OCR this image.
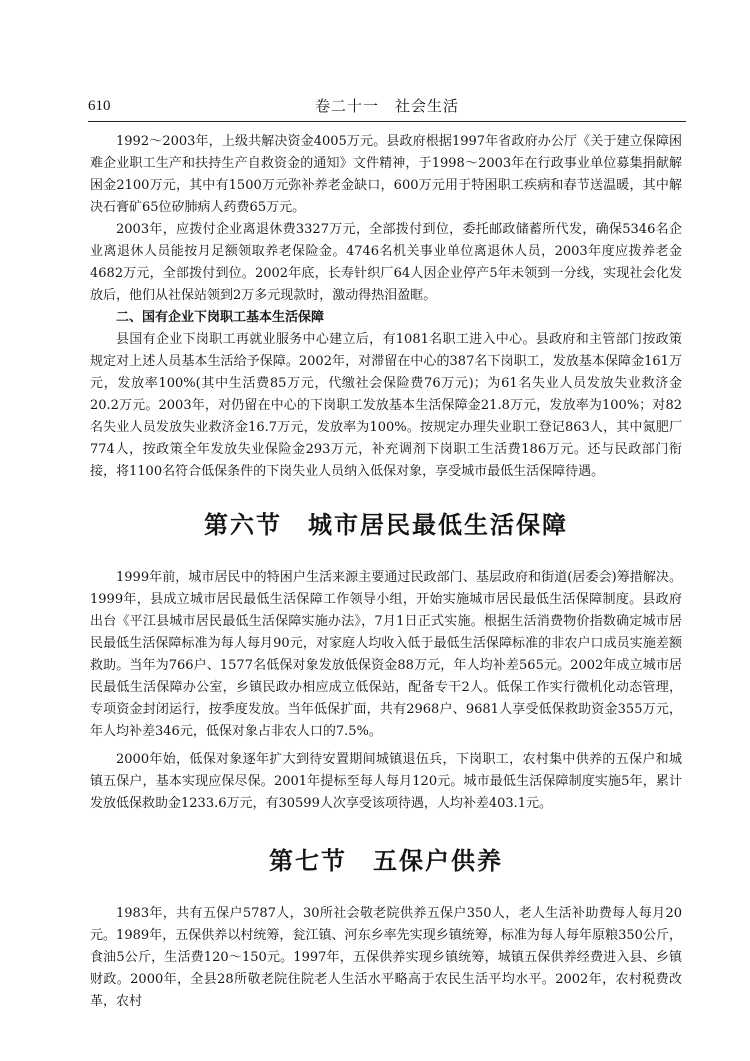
610	卷二十一　社会生活

1992～2003年，上级共解决资金4005万元。县政府根据1997年省政府办公厅《关于建立保障困难企业职工生产和扶持生产自救资金的通知》文件精神，于1998～2003年在行政事业单位募集捐献解困金2100万元，其中有1500万元弥补养老金缺口，600万元用于特困职工疾病和春节送温暖，其中解决石膏矿65位矽肺病人药费65万元。

2003年，应拨付企业离退休费3327万元，全部拨付到位，委托邮政储蓄所代发，确保5346名企业离退休人员能按月足额领取养老保险金。4746名机关事业单位离退休人员，2003年度应拨养老金4682万元，全部拨付到位。2002年底，长寿针织厂64人因企业停产5年未领到一分线，实现社会化发放后，他们从社保站领到2万多元现款时，激动得热泪盈眶。

二、国有企业下岗职工基本生活保障

县国有企业下岗职工再就业服务中心建立后，有1081名职工进入中心。县政府和主管部门按政策规定对上述人员基本生活给予保障。2002年，对滞留在中心的387名下岗职工，发放基本保障金161万元，发放率100%(其中生活费85万元，代缴社会保险费76万元)；为61名失业人员发放失业救济金20.2万元。2003年，对仍留在中心的下岗职工发放基本生活保障金21.8万元，发放率为100%；对82名失业人员发放失业救济金16.7万元，发放率为100%。按规定办理失业职工登记863人，其中氮肥厂774人，按政策全年发放失业保险金293万元，补充调剂下岗职工生活费186万元。还与民政部门衔接，将1100名符合低保条件的下岗失业人员纳入低保对象，享受城市最低生活保障待遇。

第六节　城市居民最低生活保障

1999年前，城市居民中的特困户生活来源主要通过民政部门、基层政府和街道(居委会)筹措解决。1999年，县成立城市居民最低生活保障工作领导小组，开始实施城市居民最低生活保障制度。县政府出台《平江县城市居民最低生活保障实施办法》，7月1日正式实施。根据生活消费物价指数确定城市居民最低生活保障标准为每人每月90元，对家庭人均收入低于最低生活保障标准的非农户口成员实施差额救助。当年为766户、1577名低保对象发放低保资金88万元，年人均补差565元。2002年成立城市居民最低生活保障办公室，乡镇民政办相应成立低保站，配备专干2人。低保工作实行微机化动态管理，专项资金封闭运行，按季度发放。当年低保扩面，共有2968户、9681人享受低保救助资金355万元，年人均补差346元，低保对象占非农人口的7.5%。

2000年始，低保对象逐年扩大到待安置期间城镇退伍兵，下岗职工，农村集中供养的五保户和城镇五保户，基本实现应保尽保。2001年提标至每人每月120元。城市最低生活保障制度实施5年，累计发放低保救助金1233.6万元，有30599人次享受该项待遇，人均补差403.1元。

第七节　五保户供养

1983年，共有五保户5787人，30所社会敬老院供养五保户350人，老人生活补助费每人每月20元。1989年，五保供养以村统筹，瓮江镇、河东乡率先实现乡镇统筹，标准为每人每年原粮350公斤，食油5公斤，生活费120～150元。1997年，五保供养实现乡镇统筹，城镇五保供养经费进入县、乡镇财政。2000年，全县28所敬老院住院老人生活水平略高于农民生活平均水平。2002年，农村税费改革，农村
